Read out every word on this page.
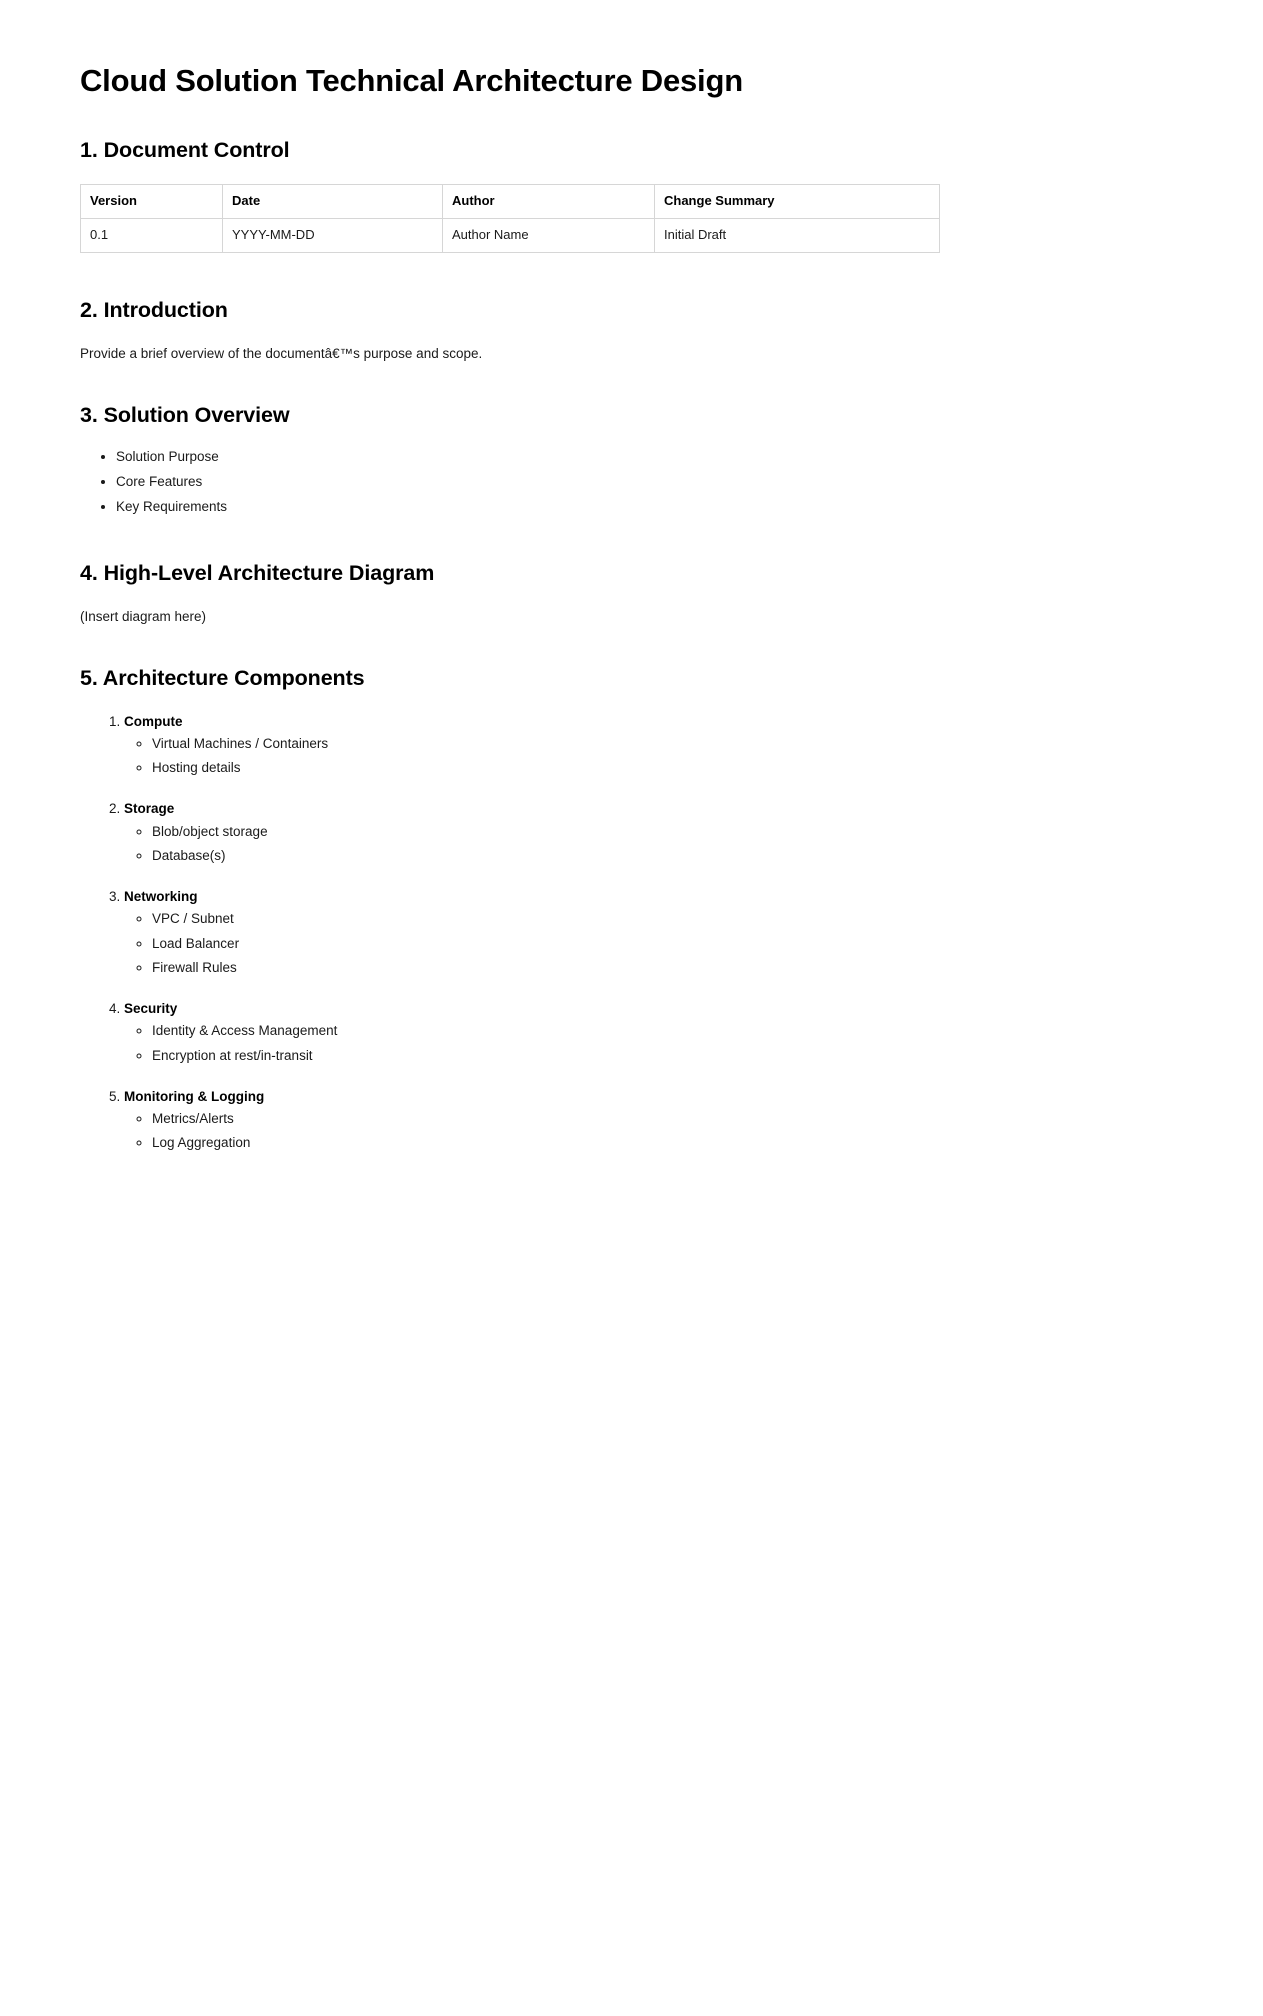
Cloud Solution Technical Architecture Design
1. Document Control
Version	Date	Author	Change Summary
0.1	YYYY-MM-DD	Author Name	Initial Draft
2. Introduction

Provide a brief overview of the documentâ€™s purpose and scope.

3. Solution Overview
• Solution Purpose
• Core Features
• Key Requirements
4. High-Level Architecture Diagram

(Insert diagram here)

5. Architecture Components
1. Compute
◦ Virtual Machines / Containers
◦ Hosting details
2. Storage
◦ Blob/object storage
◦ Database(s)
3. Networking
◦ VPC / Subnet
◦ Load Balancer
◦ Firewall Rules
4. Security
◦ Identity & Access Management
◦ Encryption at rest/in-transit
5. Monitoring & Logging
◦ Metrics/Alerts
◦ Log Aggregation
